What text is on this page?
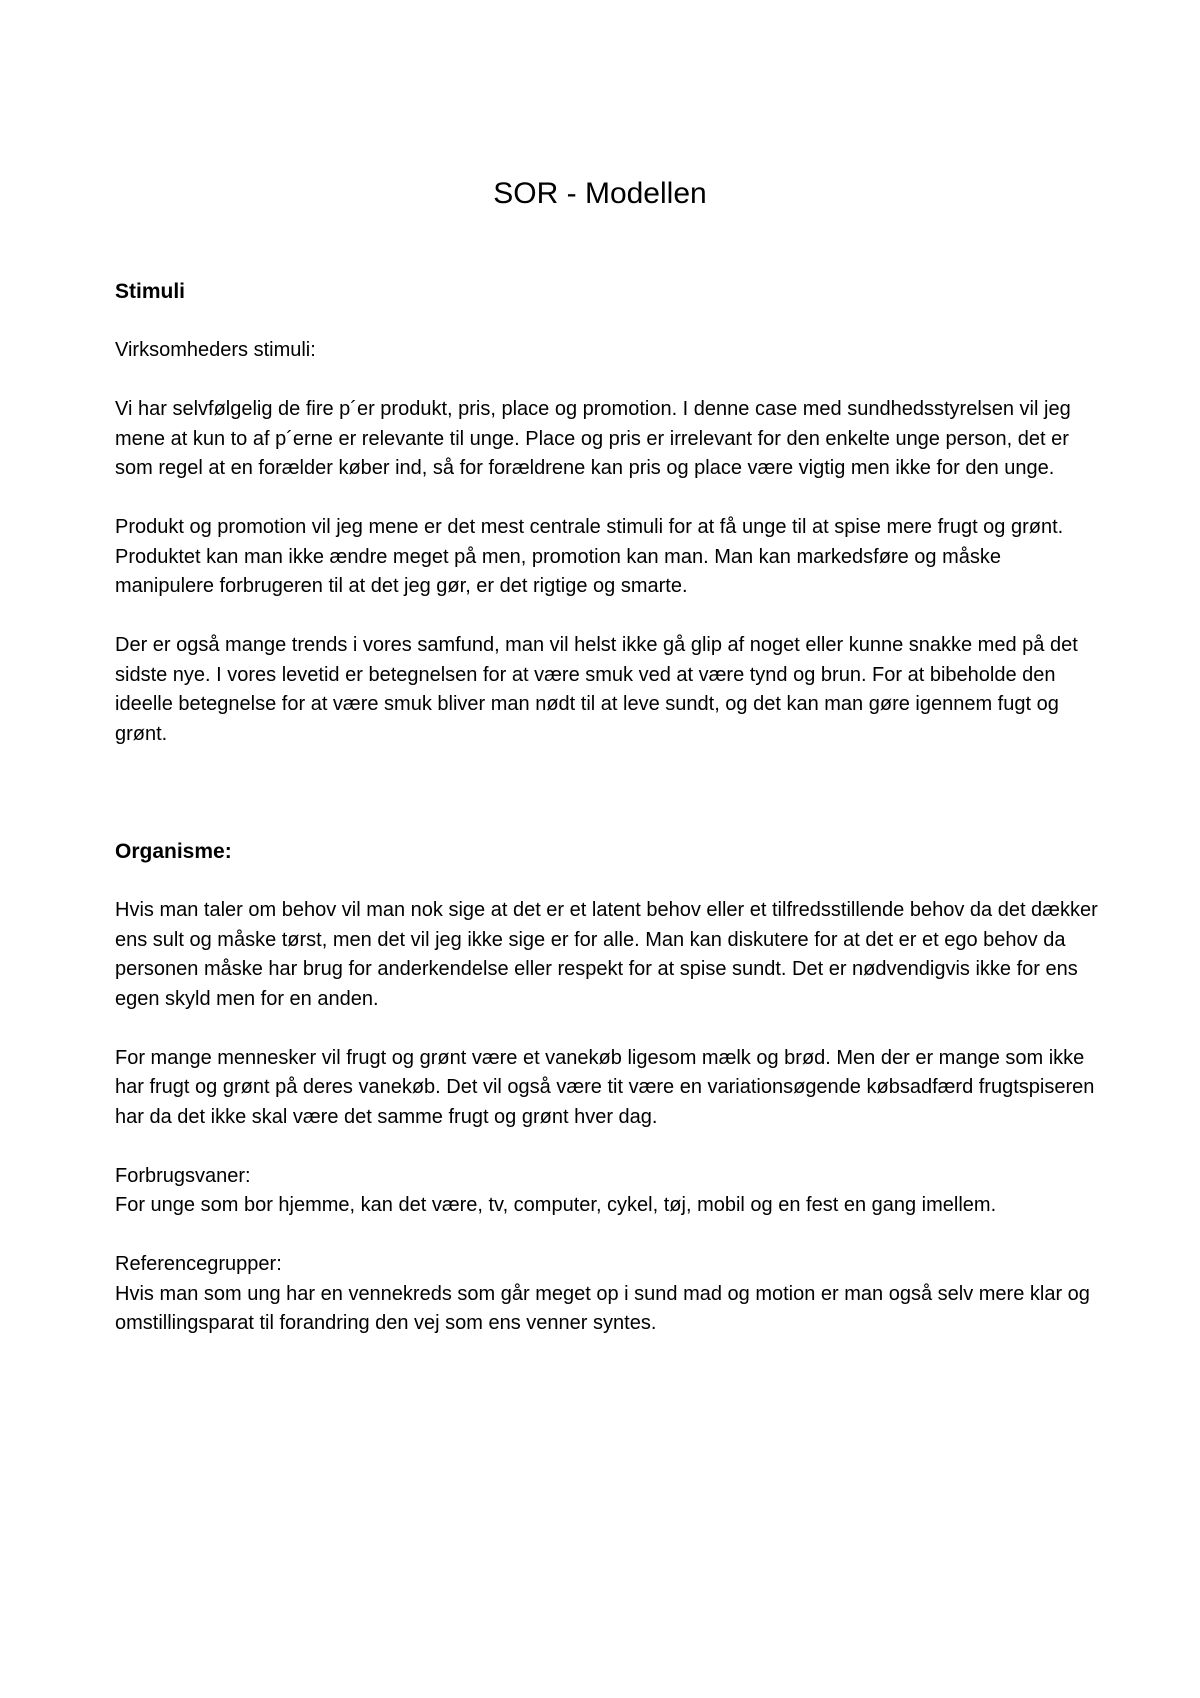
SOR - Modellen

Stimuli

Virksomheders stimuli:

Vi har selvfølgelig de fire p´er produkt, pris, place og promotion. I denne case med sundhedsstyrelsen vil jeg mene at kun to af p´erne er relevante til unge. Place og pris er irrelevant for den enkelte unge person, det er som regel at en forælder køber ind, så for forældrene kan pris og place være vigtig men ikke for den unge.

Produkt og promotion vil jeg mene er det mest centrale stimuli for at få unge til at spise mere frugt og grønt. Produktet kan man ikke ændre meget på men, promotion kan man. Man kan markedsføre og måske manipulere forbrugeren til at det jeg gør, er det rigtige og smarte.

Der er også mange trends i vores samfund, man vil helst ikke gå glip af noget eller kunne snakke med på det sidste nye. I vores levetid er betegnelsen for at være smuk ved at være tynd og brun. For at bibeholde den ideelle betegnelse for at være smuk bliver man nødt til at leve sundt, og det kan man gøre igennem fugt og grønt.

Organisme:

Hvis man taler om behov vil man nok sige at det er et latent behov eller et tilfredsstillende behov da det dækker ens sult og måske tørst, men det vil jeg ikke sige er for alle. Man kan diskutere for at det er et ego behov da personen måske har brug for anderkendelse eller respekt for at spise sundt. Det er nødvendigvis ikke for ens egen skyld men for en anden.

For mange mennesker vil frugt og grønt være et vanekøb ligesom mælk og brød. Men der er mange som ikke har frugt og grønt på deres vanekøb. Det vil også være tit være en variationsøgende købsadfærd frugtspiseren har da det ikke skal være det samme frugt og grønt hver dag.

Forbrugsvaner:

For unge som bor hjemme, kan det være, tv, computer, cykel, tøj, mobil og en fest en gang imellem.

Referencegrupper:

Hvis man som ung har en vennekreds som går meget op i sund mad og motion er man også selv mere klar og omstillingsparat til forandring den vej som ens venner syntes.
